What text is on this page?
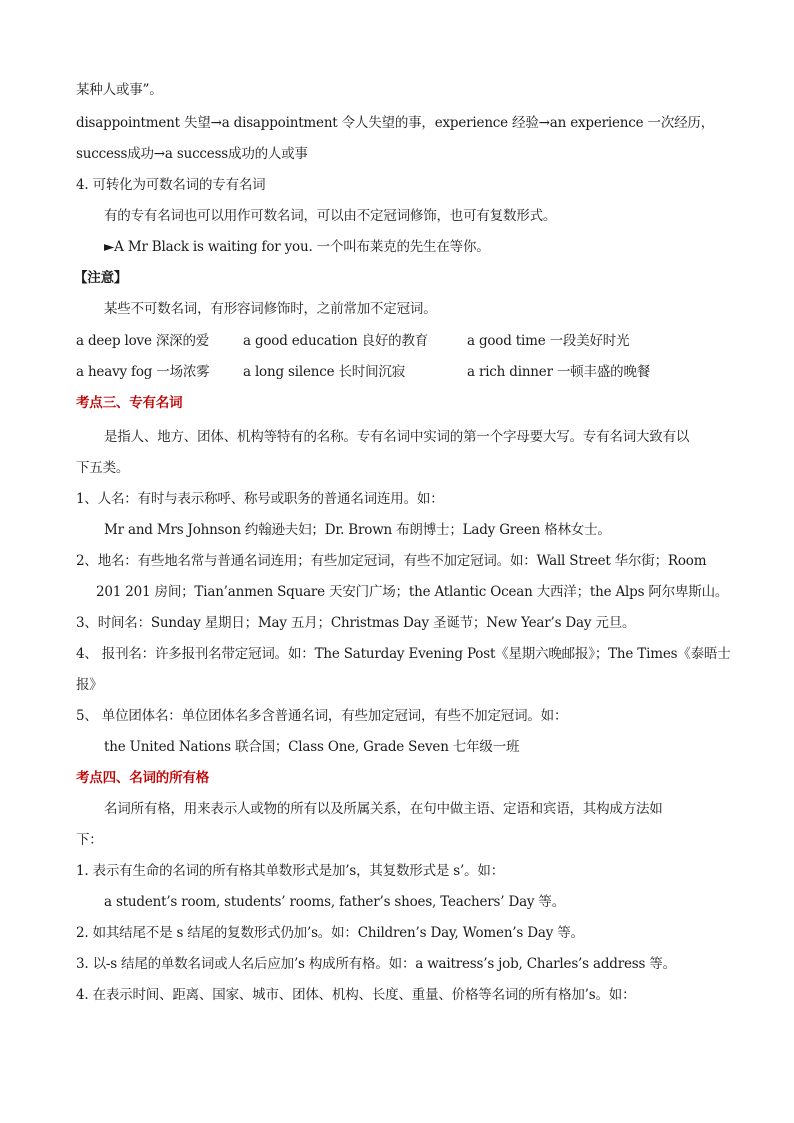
某种人或事”。
disappointment 失望→a disappointment 令人失望的事，experience 经验→an experience 一次经历，
success成功→a success成功的人或事
4. 可转化为可数名词的专有名词
有的专有名词也可以用作可数名词，可以由不定冠词修饰，也可有复数形式。
►A Mr Black is waiting for you. 一个叫布莱克的先生在等你。
【注意】
某些不可数名词，有形容词修饰时，之前常加不定冠词。
a deep love 深深的爱	a good education 良好的教育	a good time 一段美好时光
a heavy fog 一场浓雾 a long silence 长时间沉寂	a rich dinner 一顿丰盛的晚餐
考点三、专有名词
是指人、地方、团体、机构等特有的名称。专有名词中实词的第一个字母要大写。专有名词大致有以
下五类。
1、人名：有时与表示称呼、称号或职务的普通名词连用。如：
Mr and Mrs Johnson 约翰逊夫妇；Dr. Brown 布朗博士；Lady Green 格林女士。
2、地名：有些地名常与普通名词连用；有些加定冠词，有些不加定冠词。如：Wall Street 华尔街；Room
201 201 房间；Tian’anmen Square 天安门广场；the Atlantic Ocean 大西洋；the Alps 阿尔卑斯山。
3、时间名：Sunday 星期日；May 五月；Christmas Day 圣诞节；New Year’s Day 元旦。
4、 报刊名：许多报刊名带定冠词。如：The Saturday Evening Post《星期六晚邮报》；The Times《泰晤士
报》
5、 单位团体名：单位团体名多含普通名词，有些加定冠词，有些不加定冠词。如：
the United Nations 联合国；Class One, Grade Seven 七年级一班
考点四、名词的所有格
名词所有格，用来表示人或物的所有以及所属关系，在句中做主语、定语和宾语，其构成方法如
下：
1. 表示有生命的名词的所有格其单数形式是加’s，其复数形式是 s’。如：
a student’s room, students’ rooms, father’s shoes, Teachers’ Day 等。
2. 如其结尾不是 s 结尾的复数形式仍加’s。如：Children’s Day, Women’s Day 等。
3. 以-s 结尾的单数名词或人名后应加’s 构成所有格。如：a waitress’s job, Charles’s address 等。
4. 在表示时间、距离、国家、城市、团体、机构、长度、重量、价格等名词的所有格加’s。如：
